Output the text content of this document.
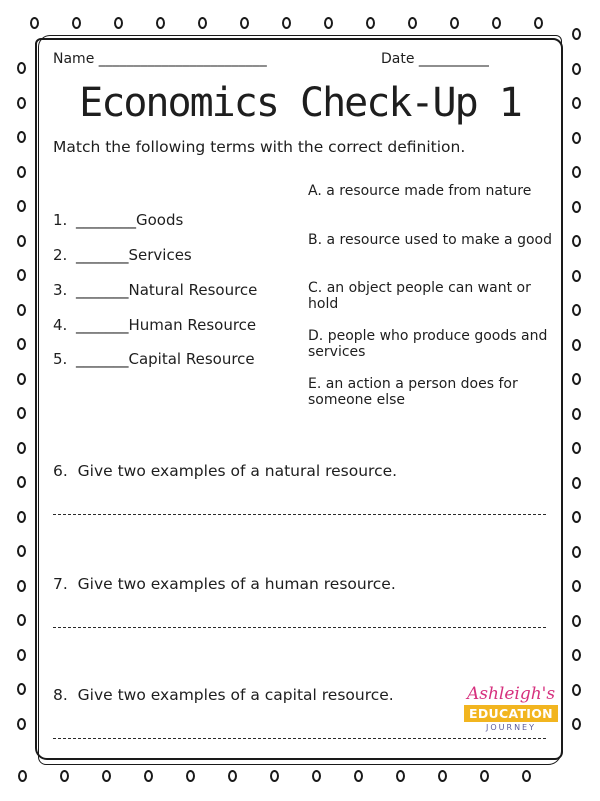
Name ________________________	Date __________
Economics Check-Up 1
Match the following terms with the correct definition.
1. ________Goods
2. _______Services
3. _______Natural Resource
4. _______Human Resource
5. _______Capital Resource
A. a resource made from nature
B. a resource used to make a good
C. an object people can want or hold
D. people who produce goods and services
E. an action a person does for someone else
6. Give two examples of a natural resource.
7. Give two examples of a human resource.
8. Give two examples of a capital resource.	Ashleigh's
EDUCATION
JOURNEY
